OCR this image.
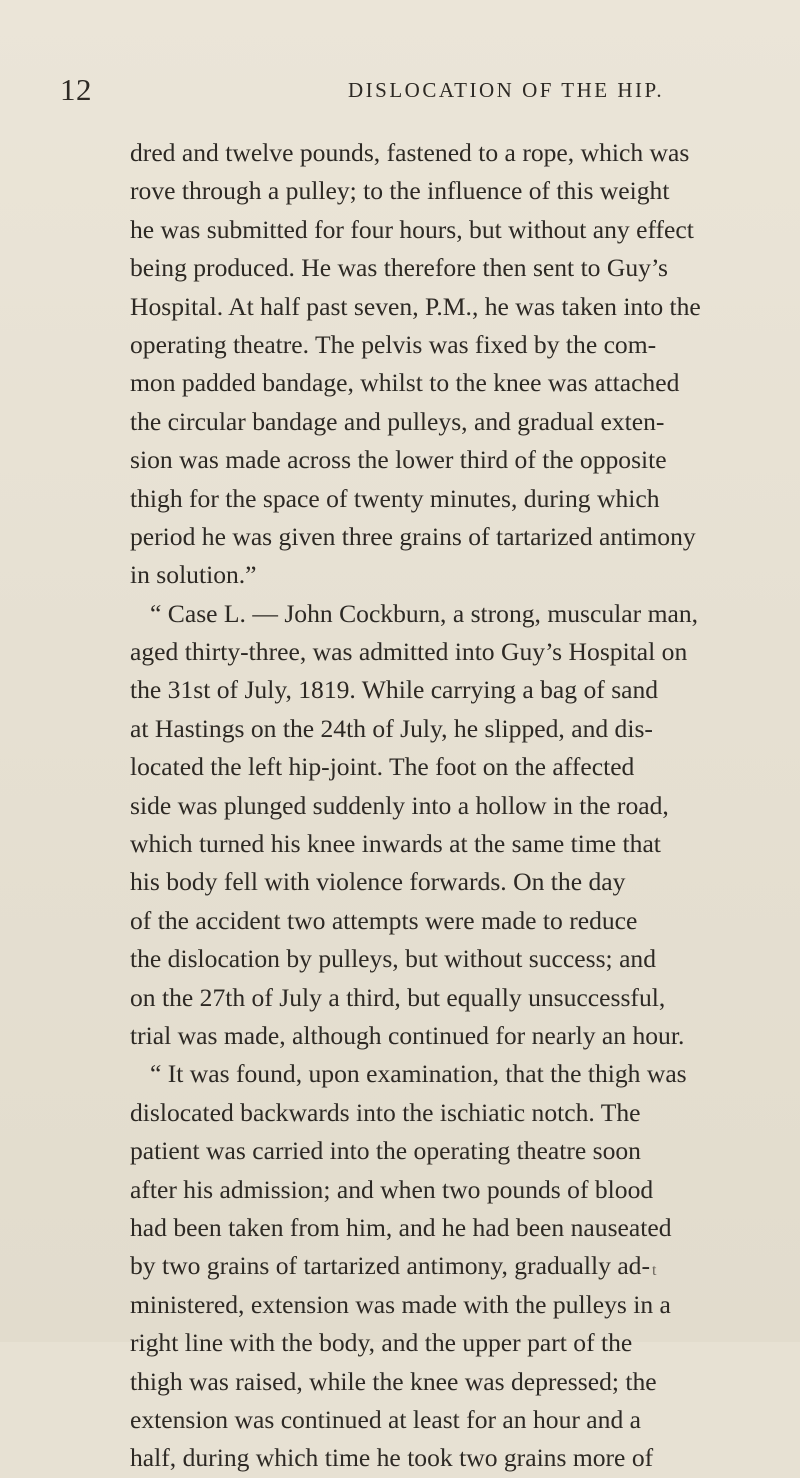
12	DISLOCATION OF THE HIP.
dred and twelve pounds, fastened to a rope, which was
rove through a pulley; to the influence of this weight
he was submitted for four hours, but without any effect
being produced. He was therefore then sent to Guy’s
Hospital. At half past seven, P.M., he was taken into the
operating theatre. The pelvis was fixed by the com-
mon padded bandage, whilst to the knee was attached
the circular bandage and pulleys, and gradual exten-
sion was made across the lower third of the opposite
thigh for the space of twenty minutes, during which
period he was given three grains of tartarized antimony
in solution.”
“ Case L. — John Cockburn, a strong, muscular man,
aged thirty-three, was admitted into Guy’s Hospital on
the 31st of July, 1819. While carrying a bag of sand
at Hastings on the 24th of July, he slipped, and dis-
located the left hip-joint. The foot on the affected
side was plunged suddenly into a hollow in the road,
which turned his knee inwards at the same time that
his body fell with violence forwards. On the day
of the accident two attempts were made to reduce
the dislocation by pulleys, but without success; and
on the 27th of July a third, but equally unsuccessful,
trial was made, although continued for nearly an hour.
“ It was found, upon examination, that the thigh was
dislocated backwards into the ischiatic notch. The
patient was carried into the operating theatre soon
after his admission; and when two pounds of blood
had been taken from him, and he had been nauseated
by two grains of tartarized antimony, gradually ad-
ministered, extension was made with the pulleys in a
right line with the body, and the upper part of the
thigh was raised, while the knee was depressed; the
extension was continued at least for an hour and a
half, during which time he took two grains more of
t
